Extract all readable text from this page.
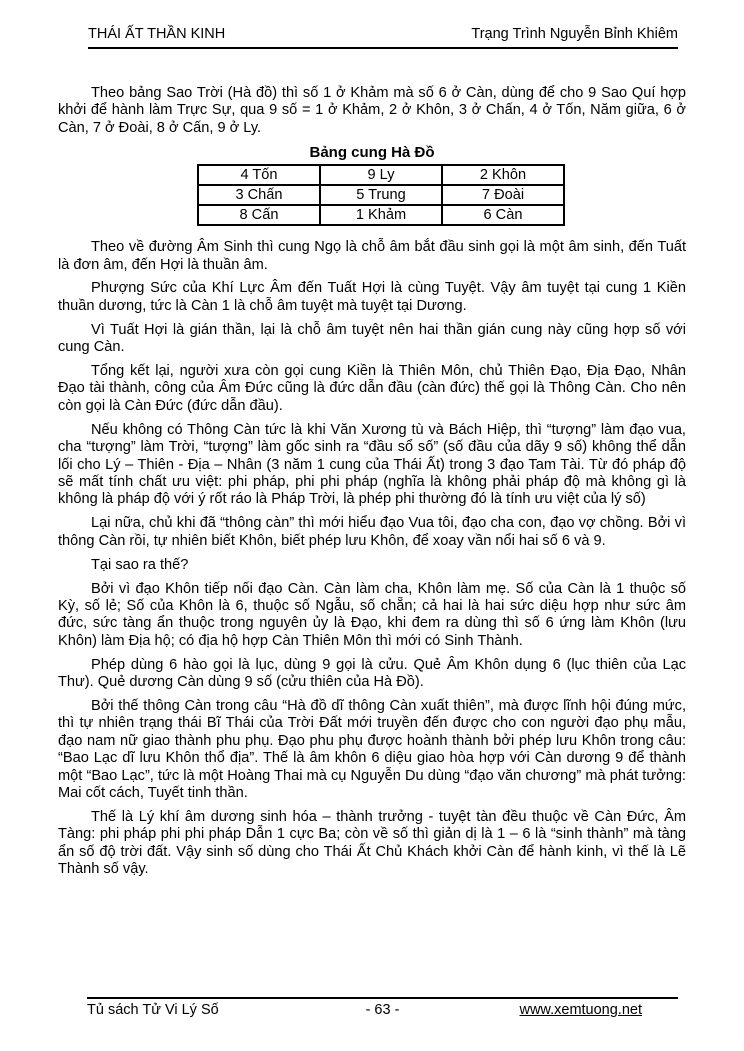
THÁI ẤT THẦN KINH	Trạng Trình Nguyễn Bỉnh Khiêm

Theo bảng Sao Trời (Hà đồ) thì số 1 ở Khảm mà số 6 ở Càn, dùng để cho 9 Sao Quí hợp khởi để hành làm Trực Sự, qua 9 số = 1 ở Khảm, 2 ở Khôn, 3 ở Chấn, 4 ở Tốn, Năm giữa, 6 ở Càn, 7 ở Đoài, 8 ở Cấn, 9 ở Ly.

Bảng cung Hà Đồ
4 Tốn	9 Ly	2 Khôn
3 Chấn	5 Trung	7 Đoài
8 Cấn	1 Khảm	6 Càn

Theo về đường Âm Sinh thì cung Ngọ là chỗ âm bắt đầu sinh gọi là một âm sinh, đến Tuất là đơn âm, đến Hợi là thuần âm.

Phượng Sức của Khí Lực Âm đến Tuất Hợi là cùng Tuyệt. Vậy âm tuyệt tại cung 1 Kiền thuần dương, tức là Càn 1 là chỗ âm tuyệt mà tuyệt tại Dương.

Vì Tuất Hợi là gián thần, lại là chỗ âm tuyệt nên hai thần gián cung này cũng hợp số với cung Càn.

Tổng kết lại, người xưa còn gọi cung Kiền là Thiên Môn, chủ Thiên Đạo, Địa Đạo, Nhân Đạo tài thành, công của Âm Đức cũng là đức dẫn đầu (càn đức) thế gọi là Thông Càn. Cho nên còn gọi là Càn Đức (đức dẫn đầu).

Nếu không có Thông Càn tức là khi Văn Xương tù và Bách Hiệp, thì “tượng” làm đạo vua, cha “tượng” làm Trời, “tượng” làm gốc sinh ra “đầu sổ số” (số đầu của dãy 9 số) không thể dẫn lối cho Lý – Thiên - Địa – Nhân (3 năm 1 cung của Thái Ất) trong 3 đạo Tam Tài. Từ đó pháp độ sẽ mất tính chất ưu việt: phi pháp, phi phi pháp (nghĩa là không phải pháp độ mà không gì là không là pháp độ với ý rốt ráo là Pháp Trời, là phép phi thường đó là tính ưu việt của lý số)

Lại nữa, chủ khi đã “thông càn” thì mới hiểu đạo Vua tôi, đạo cha con, đạo vợ chồng. Bởi vì thông Càn rồi, tự nhiên biết Khôn, biết phép lưu Khôn, để xoay vần nổi hai số 6 và 9.

Tại sao ra thế?

Bởi vì đạo Khôn tiếp nối đạo Càn. Càn làm cha, Khôn làm mẹ. Số của Càn là 1 thuộc số Kỳ, số lẻ; Số của Khôn là 6, thuộc số Ngẫu, số chẵn; cả hai là hai sức diệu hợp như sức âm đức, sức tàng ẩn thuộc trong nguyên ủy là Đạo, khi đem ra dùng thì số 6 ứng làm Khôn (lưu Khôn) làm Địa hộ; có địa hộ hợp Càn Thiên Môn thì mới có Sinh Thành.

Phép dùng 6 hào gọi là lục, dùng 9 gọi là cửu. Quẻ Âm Khôn dụng 6 (lục thiên của Lạc Thư). Quẻ dương Càn dùng 9 số (cửu thiên của Hà Đồ).

Bởi thế thông Càn trong câu “Hà đồ dĩ thông Càn xuất thiên”, mà được lĩnh hội đúng mức, thì tự nhiên trạng thái Bĩ Thái của Trời Đất mới truyền đến được cho con người đạo phụ mẫu, đạo nam nữ giao thành phu phụ. Đạo phu phụ được hoành thành bởi phép lưu Khôn trong câu: “Bao Lạc dĩ lưu Khôn thổ địa”. Thế là âm khôn 6 diệu giao hòa hợp với Càn dương 9 để thành một “Bao Lạc”, tức là một Hoàng Thai mà cụ Nguyễn Du dùng “đạo văn chương” mà phát tưởng: Mai cốt cách, Tuyết tinh thần.

Thế là Lý khí âm dương sinh hóa – thành trưởng - tuyệt tàn đều thuộc về Càn Đức, Âm Tàng: phi pháp phi phi pháp Dẫn 1 cực Ba; còn về số thì giản dị là 1 – 6 là “sinh thành” mà tàng ẩn số độ trời đất. Vậy sinh số dùng cho Thái Ất Chủ Khách khởi Càn để hành kinh, vì thế là Lẽ Thành số vậy.

Tủ sách Tử Vi Lý Số	- 63 -	www.xemtuong.net
